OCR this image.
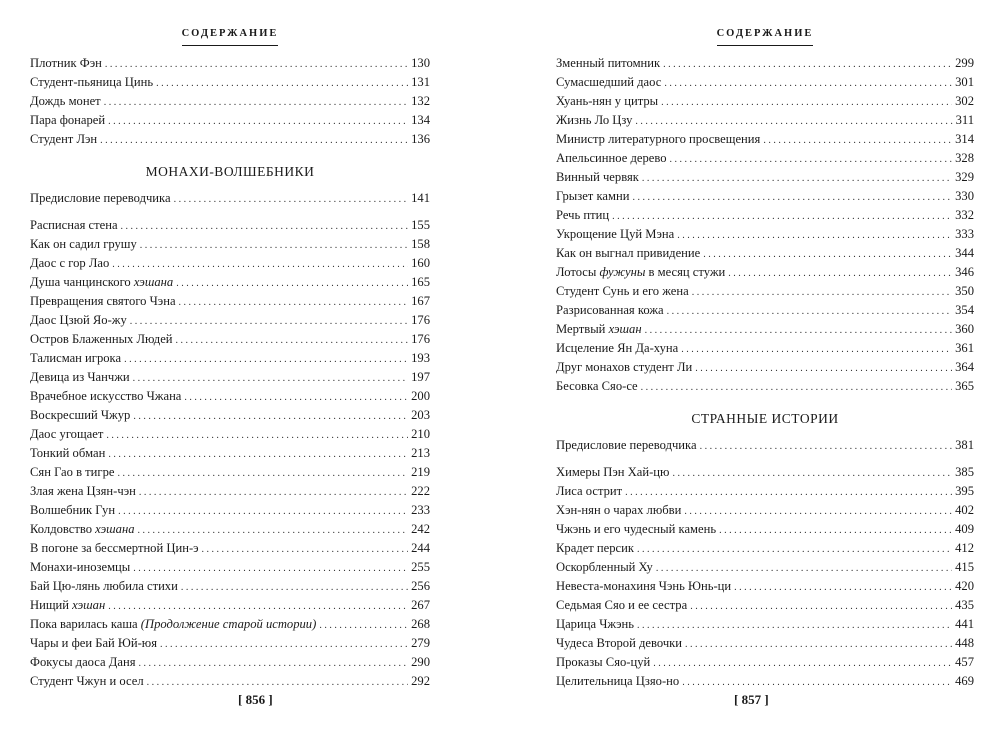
СОДЕРЖАНИЕ
Плотник Фэн . . .	130
Студент-пьяница Цинь . . .	131
Дождь монет . . .	132
Пара фонарей . . .	134
Студент Лэн . . .	136
МОНАХИ-ВОЛШЕБНИКИ
Предисловие переводчика . . .	141
Расписная стена . . .	155
Как он садил грушу . . .	158
Даос с гор Лао . . .	160
Душа чанцинского хэшана . . .	165
Превращения святого Чэна . . .	167
Даос Цзюй Яо-жу . . .	176
Остров Блаженных Людей . . .	176
Талисман игрока . . .	193
Девица из Чанчжи . . .	197
Врачебное искусство Чжана . . .	200
Воскресший Чжур . . .	203
Даос угощает . . .	210
Тонкий обман . . .	213
Сян Гао в тигре . . .	219
Злая жена Цзян-чэн . . .	222
Волшебник Гун . . .	233
Колдовство хэшана . . .	242
В погоне за бессмертной Цин-э . . .	244
Монахи-иноземцы . . .	255
Бай Цю-лянь любила стихи . . .	256
Нищий хэшан . . .	267
Пока варилась каша (Продолжение старой истории) . . .	268
Чары и феи Бай Юй-юя . . .	279
Фокусы даоса Даня . . .	290
Студент Чжун и осел . . .	292
[ 856 ]
СОДЕРЖАНИЕ
Зменный питомник . . .	299
Сумасшедший даос . . .	301
Хуань-нян у цитры . . .	302
Жизнь Ло Цзу . . .	311
Министр литературного просвещения . . .	314
Апельсинное дерево . . .	328
Винный червяк . . .	329
Грызет камни . . .	330
Речь птиц . . .	332
Укрощение Цуй Мэна . . .	333
Как он выгнал привидение . . .	344
Лотосы фужуны в месяц стужи . . .	346
Студент Сунь и его жена . . .	350
Разрисованная кожа . . .	354
Мертвый хэшан . . .	360
Исцеление Ян Да-хуна . . .	361
Друг монахов студент Ли . . .	364
Бесовка Сяо-се . . .	365
СТРАННЫЕ ИСТОРИИ
Предисловие переводчика . . .	381
Химеры Пэн Хай-цю . . .	385
Лиса острит . . .	395
Хэн-нян о чарах любви . . .	402
Чжэнь и его чудесный камень . . .	409
Крадет персик . . .	412
Оскорбленный Ху . . .	415
Невеста-монахиня Чэнь Юнь-ци . . .	420
Седьмая Сяо и ее сестра . . .	435
Царица Чжэнь . . .	441
Чудеса Второй девочки . . .	448
Проказы Сяо-цуй . . .	457
Целительница Цзяо-но . . .	469
[ 857 ]
